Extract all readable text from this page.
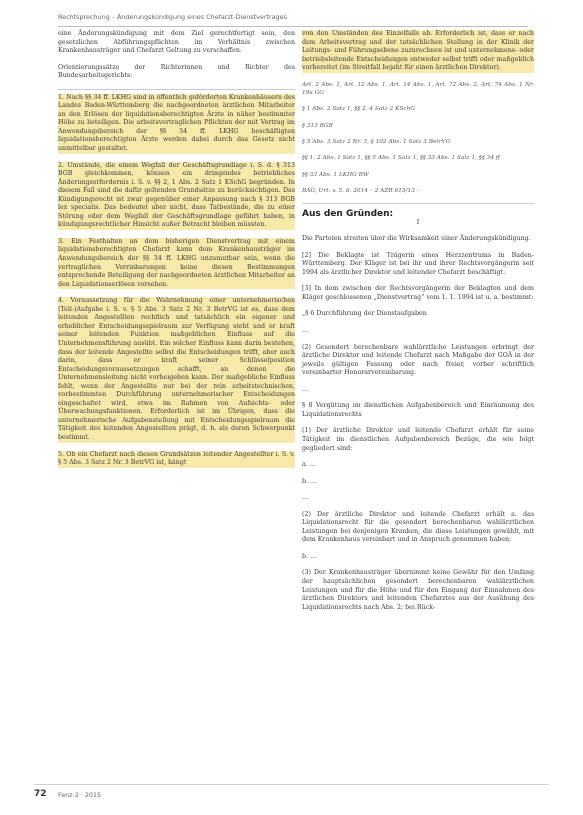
Rechtsprechung – Änderungskündigung eines Chefarzt-Dienstvertrages

eine Änderungskündigung mit dem Ziel gerechtfertigt sein, den gesetzlichen Abführungspflichten im Verhältnis zwischen Krankenhausträger und Chefarzt Geltung zu verschaffen.

Orientierungssätze der Richterinnen und Richter des Bundesarbeitsgerichts:

1. Nach §§ 34 ff. LKHG sind in öffentlich geförderten Krankenhäusern des Landes Baden-Württemberg die nachgeordneten ärztlichen Mitarbeiter an den Erlösen der liquidationsberechtigten Ärzte in näher bestimmter Höhe zu beteiligen. Die arbeitsvertraglichen Pflichten der mit Vertrag im Anwendungsbereich der §§ 34 ff. LKHG beschäftigten liquidationsberechtigten Ärzte werden dabei durch das Gesetz nicht unmittelbar gestaltet.

2. Umstände, die einem Wegfall der Geschäftsgrundlage i. S. d. § 313 BGB gleichkommen, können ein dringendes betriebliches Änderungserfordernis i. S. v. §§ 2, 1 Abs. 2 Satz 1 KSchG begründen. In diesem Fall sind die dafür geltenden Grundsätze zu berücksichtigen. Das Kündigungsrecht ist zwar gegenüber einer Anpassung nach § 313 BGB lex specialis. Das bedeutet aber nicht, dass Tatbestände, die zu einer Störung oder dem Wegfall der Geschäftsgrundlage geführt haben, in kündigungsrechtlicher Hinsicht außer Betracht bleiben müssten.

3. Ein Festhalten an dem bisherigen Dienstvertrag mit einem liquidationsberechtigten Chefarzt kann dem Krankenhausträger im Anwendungsbereich der §§ 34 ff. LKHG unzumutbar sein, wenn die vertraglichen Verrinbarungen keine diesen Bestimmungen entsprechende Beteiligung der nachgeordneten ärztlichen Mitarbeiter an den Liquidationserlösen vorsehen.

4. Voraussetzung für die Wahrnehmung einer unternehmerischen (Teil-)Aufgabe i. S. v. § 5 Abs. 3 Satz 2 Nr. 3 BetrVG ist es, dass dem leitenden Angestellten rechtlich und tatsächlich ein eigener und erheblicher Entscheidungsspielraum zur Verfügung steht und er kraft seiner leitenden Funktion maßgeblichen Einfluss auf die Unternehmensführung ausübt. Ein solcher Einfluss kann darin bestehen, dass der leitende Angestellte selbst die Entscheidungen trifft, aber auch darin, dass er kraft seiner Schlüsselposition Entscheidungsvoraussetzungen schafft, an denen die Unternehmensleitung nicht vorbeigehen kann. Der maßgebliche Einfluss fehlt, wenn der Angestellte nur bei der rein arbeitstechnischen, vorbestimmten Durchführung unternehmerischer Entscheidungen eingeschaltet wird, etwa im Rahmen von Aufsichts- oder Überwachungsfunktionen. Erforderlich ist im Übrigen, dass die unternehmerische Aufgabenstellung mit Entscheidungsspielraum die Tätigkeit des leitenden Angestellten prägt, d. h. als deren Schwerpunkt bestimmt.

5. Ob ein Chefarzt nach diesen Grundsätzen leitender Angestellter i. S. v. § 5 Abs. 3 Satz 2 Nr. 3 BetrVG ist, hängt

von den Umständen des Einzelfalls ab. Erforderlich ist, dass er nach dem Arbeitsvertrag und der tatsächlichen Stellung in der Klinik der Leitungs- und Führungsebene zuzurechnen ist und unternehmens- oder betriebsleitende Entscheidungen entweder selbst trifft oder maßgeblich vorbereitet (im Streitfall bejaht für einen ärztlichen Direktor).

Art. 2 Abs. 1, Art. 12 Abs. 1, Art. 14 Abs. 1, Art. 72 Abs. 2, Art. 74 Abs. 1 Nr. 19a GG

§ 1 Abs. 2 Satz 1, §§ 2, 4 Satz 2 KSchG

§ 313 BGB

§ 5 Abs. 3 Satz 2 Nr. 3, § 102 Abs. 1 Satz 3 BetrVG

§§ 1, 2 Abs. 1 Satz 1, §§ 5 Abs. 1 Satz 1, §§ 33 Abs. 1 Satz 1, §§ 34 ff.

§§ 33 Abs. 1 LKHG BW

BAG, Urt. v. 5. 6. 2014 – 2 AZR 615/13 –

Aus den Gründen:

I

Die Parteien streiten über die Wirksamkeit einer Änderungskündigung.

[2] Die Beklagte ist Trägerin eines Herzzentrums in Baden-Württemberg. Der Kläger ist bei ihr und ihrer Rechtsvorgängerin seit 1994 als ärztlicher Direktor und leitender Chefarzt beschäftigt.

[3] In dem zwischen der Rechtsvorgängerin der Beklagten und dem Kläger geschlossenen „Dienstvertrag“ vom 1. 1. 1994 ist u. a. bestimmt:

„§ 6 Durchführung der Dienstaufgaben

…

(2) Gesondert berechenbare wahlärztliche Leistungen erbringt der ärztliche Direktor und leitende Chefarzt nach Maßgabe der GOÄ in der jeweils gültigen Fassung oder nach freier, vorher schriftlich vereinbarter Honorarvereinbarung.

…

§ 8 Vergütung im dienstlichen Aufgabenbereich und Einräumung des Liquidationsrechts

(1) Der ärztliche Direktor und leitende Chefarzt erhält für seine Tätigkeit im dienstlichen Aufgabenbereich Bezüge, die wie folgt gegliedert sind:

a. …

b. …

…

(2) Der ärztliche Direktor und leitende Chefarzt erhält a. das Liquidationsrecht für die gesondert berechenbaren wahlärztlichen Leistungen bei denjenigen Kranken, die diese Leistungen gewählt, mit dem Krankenhaus vereinbart und in Anspruch genommen haben;

b. …

(3) Der Krankenhausträger übernimmt keine Gewähr für den Umfang der hauptsächlichen gesondert berechenbaren wahlärztlichen Leistungen und für die Höhe und für den Eingang der Einnahmen des ärztlichen Direktors und leitenden Chefarztes aus der Ausübung des Liquidationsrechts nach Abs. 2; bei Rück-

72 Fenz 2 · 2015
